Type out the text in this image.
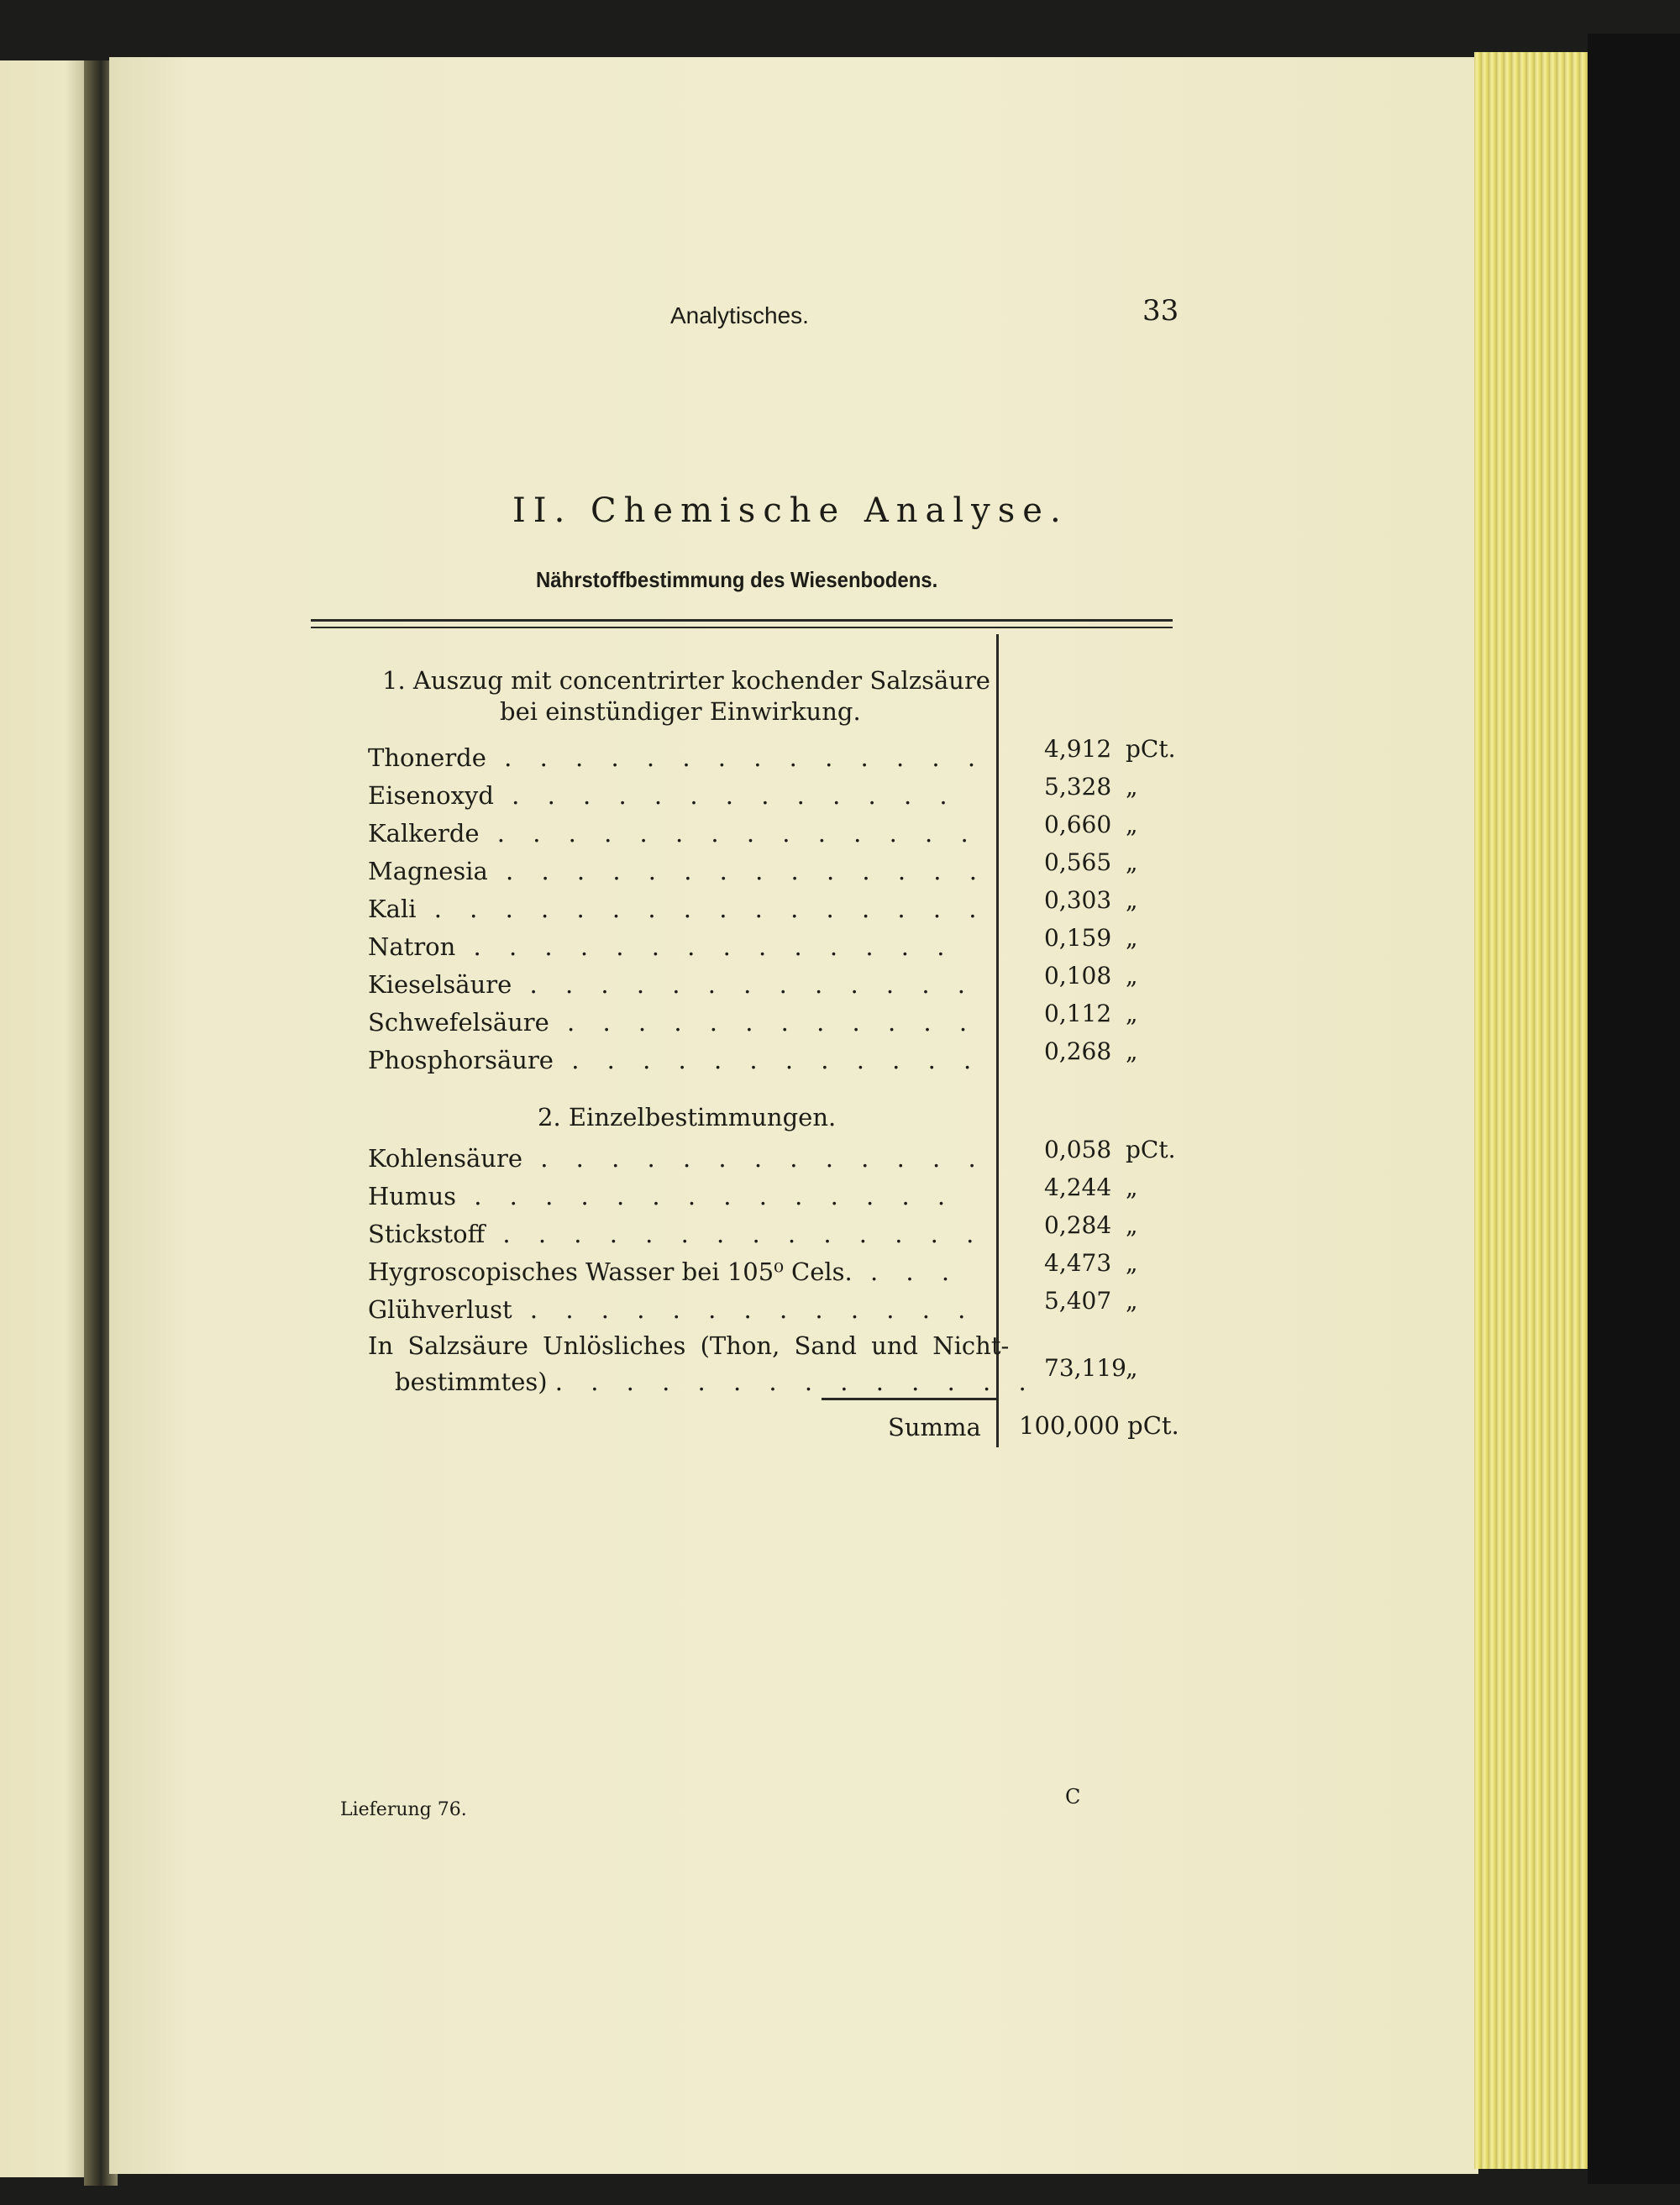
Analytisches.	33
II. Chemische Analyse.
Nährstoffbestimmung des Wiesenbodens.
1. Auszug mit concentrirter kochender Salzsäure
bei einstündiger Einwirkung.
Thonerde . . . . . . . . . . . . . . 4,912 pCt.
Eisenoxyd . . . . . . . . . . . . .	5,328 „
Kalkerde . . . . . . . . . . . . . .	0,660 „
Magnesia . . . . . . . . . . . . . . 0,565 „
Kali . . . . . . . . . . . . . . . . 0,303 „
Natron . . . . . . . . . . . . . .	0,159 „
Kieselsäure . . . . . . . . . . . . .	0,108 „
Schwefelsäure . . . . . . . . . . . .	0,112 „
Phosphorsäure . . . . . . . . . . . .	0,268 „
2. Einzelbestimmungen.
Kohlensäure . . . . . . . . . . . . . 0,058 pCt.
Humus . . . . . . . . . . . . . .	4,244 „
Stickstoff . . . . . . . . . . . . . .	0,284 „
Hygroscopisches Wasser bei 105⁰ Cels. . . .	4,473 „
Glühverlust . . . . . . . . . . . . .	5,407 „
In Salzsäure Unlösliches (Thon, Sand und Nicht-
bestimmtes) . . . . . . . . . . . . . . 73,119 „
Summa 100,000 pCt.
Lieferung 76.
C
